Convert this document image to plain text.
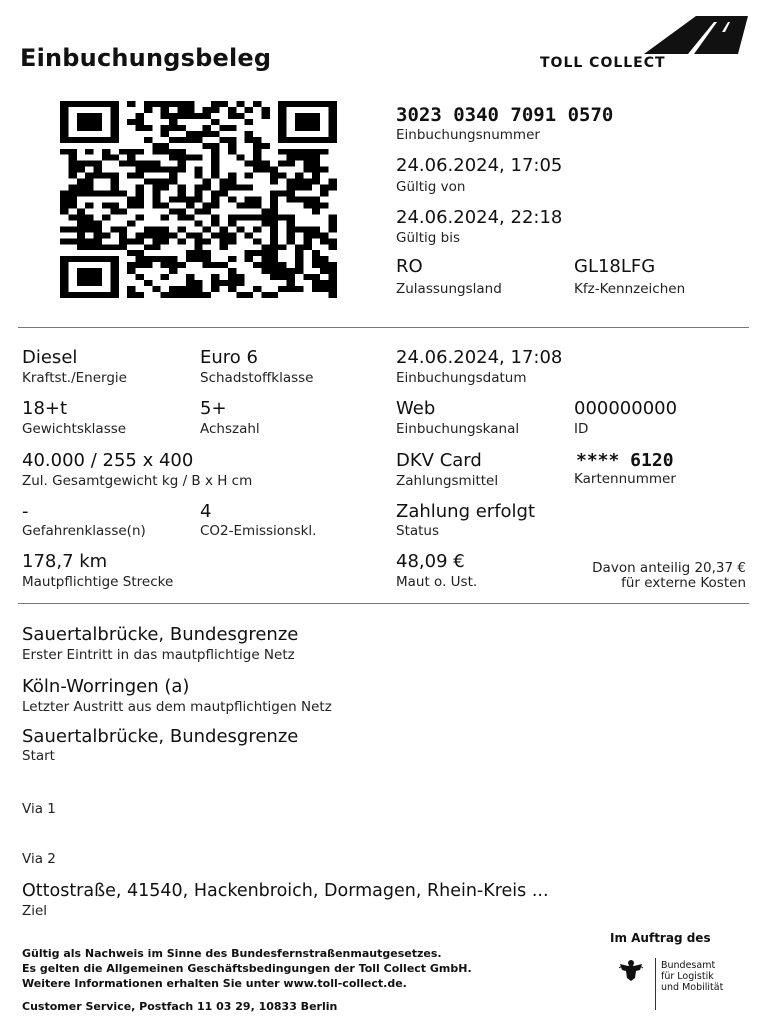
Einbuchungsbeleg	TOLL COLLECT
3023 0340 7091 0570
Einbuchungsnummer
24.06.2024, 17:05
Gültig von
24.06.2024, 22:18
Gültig bis
RO
Zulassungsland
GL18LFG
Kfz-Kennzeichen
Diesel
Kraftst./Energie
Euro 6
Schadstoffklasse
24.06.2024, 17:08
Einbuchungsdatum
18+t
Gewichtsklasse
5+
Achszahl
Web
Einbuchungskanal
000000000
ID
40.000 / 255 x 400
Zul. Gesamtgewicht kg / B x H cm
DKV Card
Zahlungsmittel
**** 6120
Kartennummer
-
Gefahrenklasse(n)
4
CO2-Emissionskl.
Zahlung erfolgt
Status
178,7 km
Mautpflichtige Strecke
48,09 €
Maut o. Ust.
Davon anteilig 20,37 €
für externe Kosten
Sauertalbrücke, Bundesgrenze
Erster Eintritt in das mautpflichtige Netz
Köln-Worringen (a)
Letzter Austritt aus dem mautpflichtigen Netz
Sauertalbrücke, Bundesgrenze
Start
Via 1
Via 2
Ottostraße, 41540, Hackenbroich, Dormagen, Rhein-Kreis ...
Ziel
Gültig als Nachweis im Sinne des Bundesfernstraßenmautgesetzes.
Es gelten die Allgemeinen Geschäftsbedingungen der Toll Collect GmbH.
Weitere Informationen erhalten Sie unter www.toll-collect.de.
Customer Service, Postfach 11 03 29, 10833 Berlin
Im Auftrag des
Bundesamt
für Logistik
und Mobilität
